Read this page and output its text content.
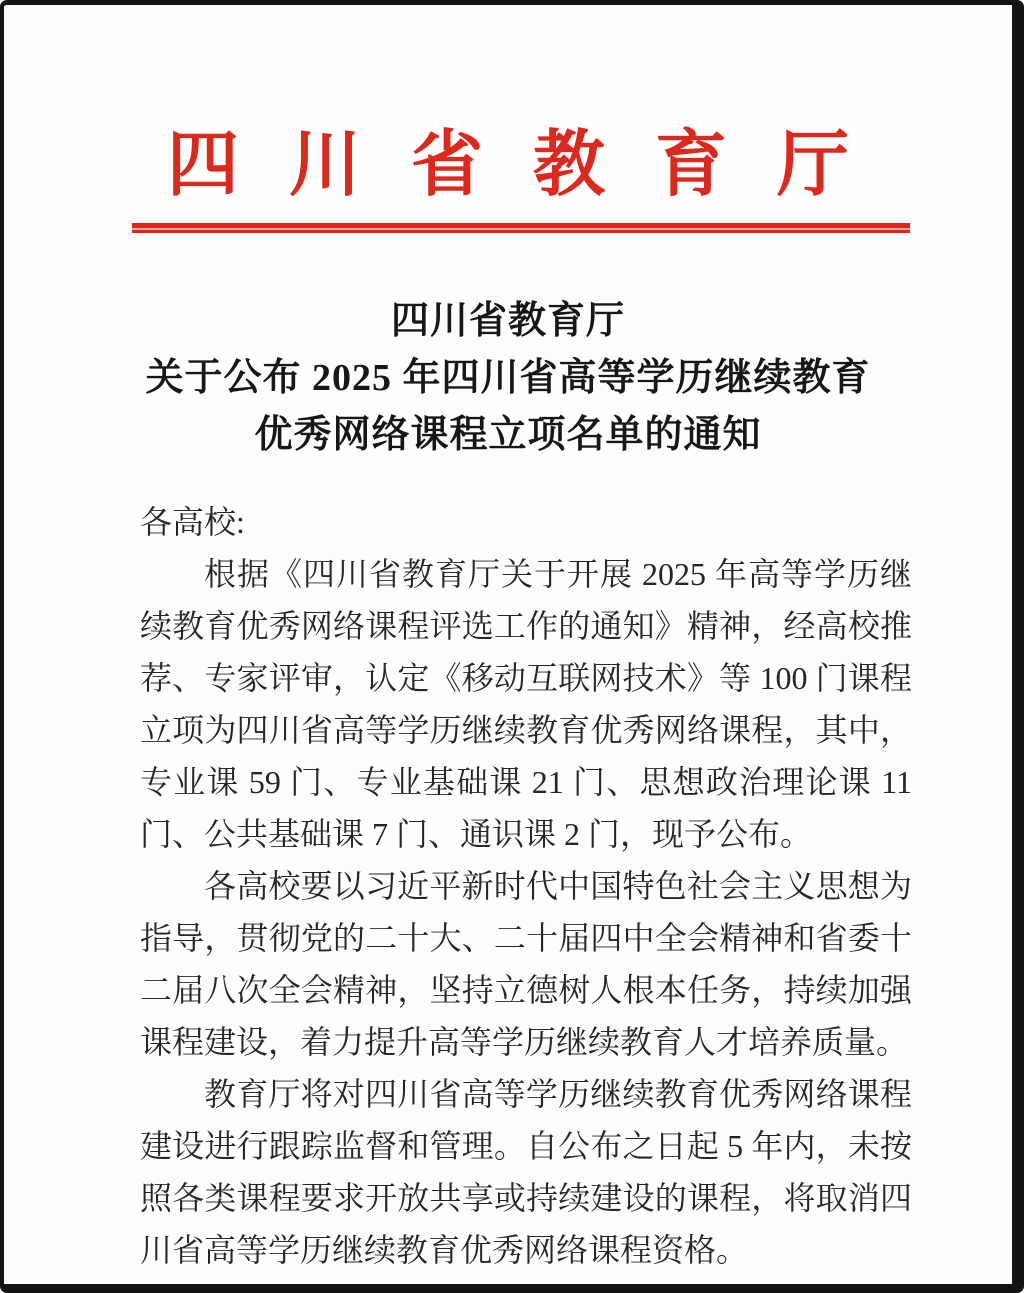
四川省教育厅
四川省教育厅
关于公布 2025 年四川省高等学历继续教育
优秀网络课程立项名单的通知

各高校:

根据《四川省教育厅关于开展 2025 年高等学历继续教育优秀网络课程评选工作的通知》精神，经高校推荐、专家评审，认定《移动互联网技术》等 100 门课程立项为四川省高等学历继续教育优秀网络课程，其中，专业课 59 门、专业基础课 21 门、思想政治理论课 11 门、公共基础课 7 门、通识课 2 门，现予公布。

各高校要以习近平新时代中国特色社会主义思想为指导，贯彻党的二十大、二十届四中全会精神和省委十二届八次全会精神，坚持立德树人根本任务，持续加强课程建设，着力提升高等学历继续教育人才培养质量。

教育厅将对四川省高等学历继续教育优秀网络课程建设进行跟踪监督和管理。自公布之日起 5 年内，未按照各类课程要求开放共享或持续建设的课程，将取消四川省高等学历继续教育优秀网络课程资格。
